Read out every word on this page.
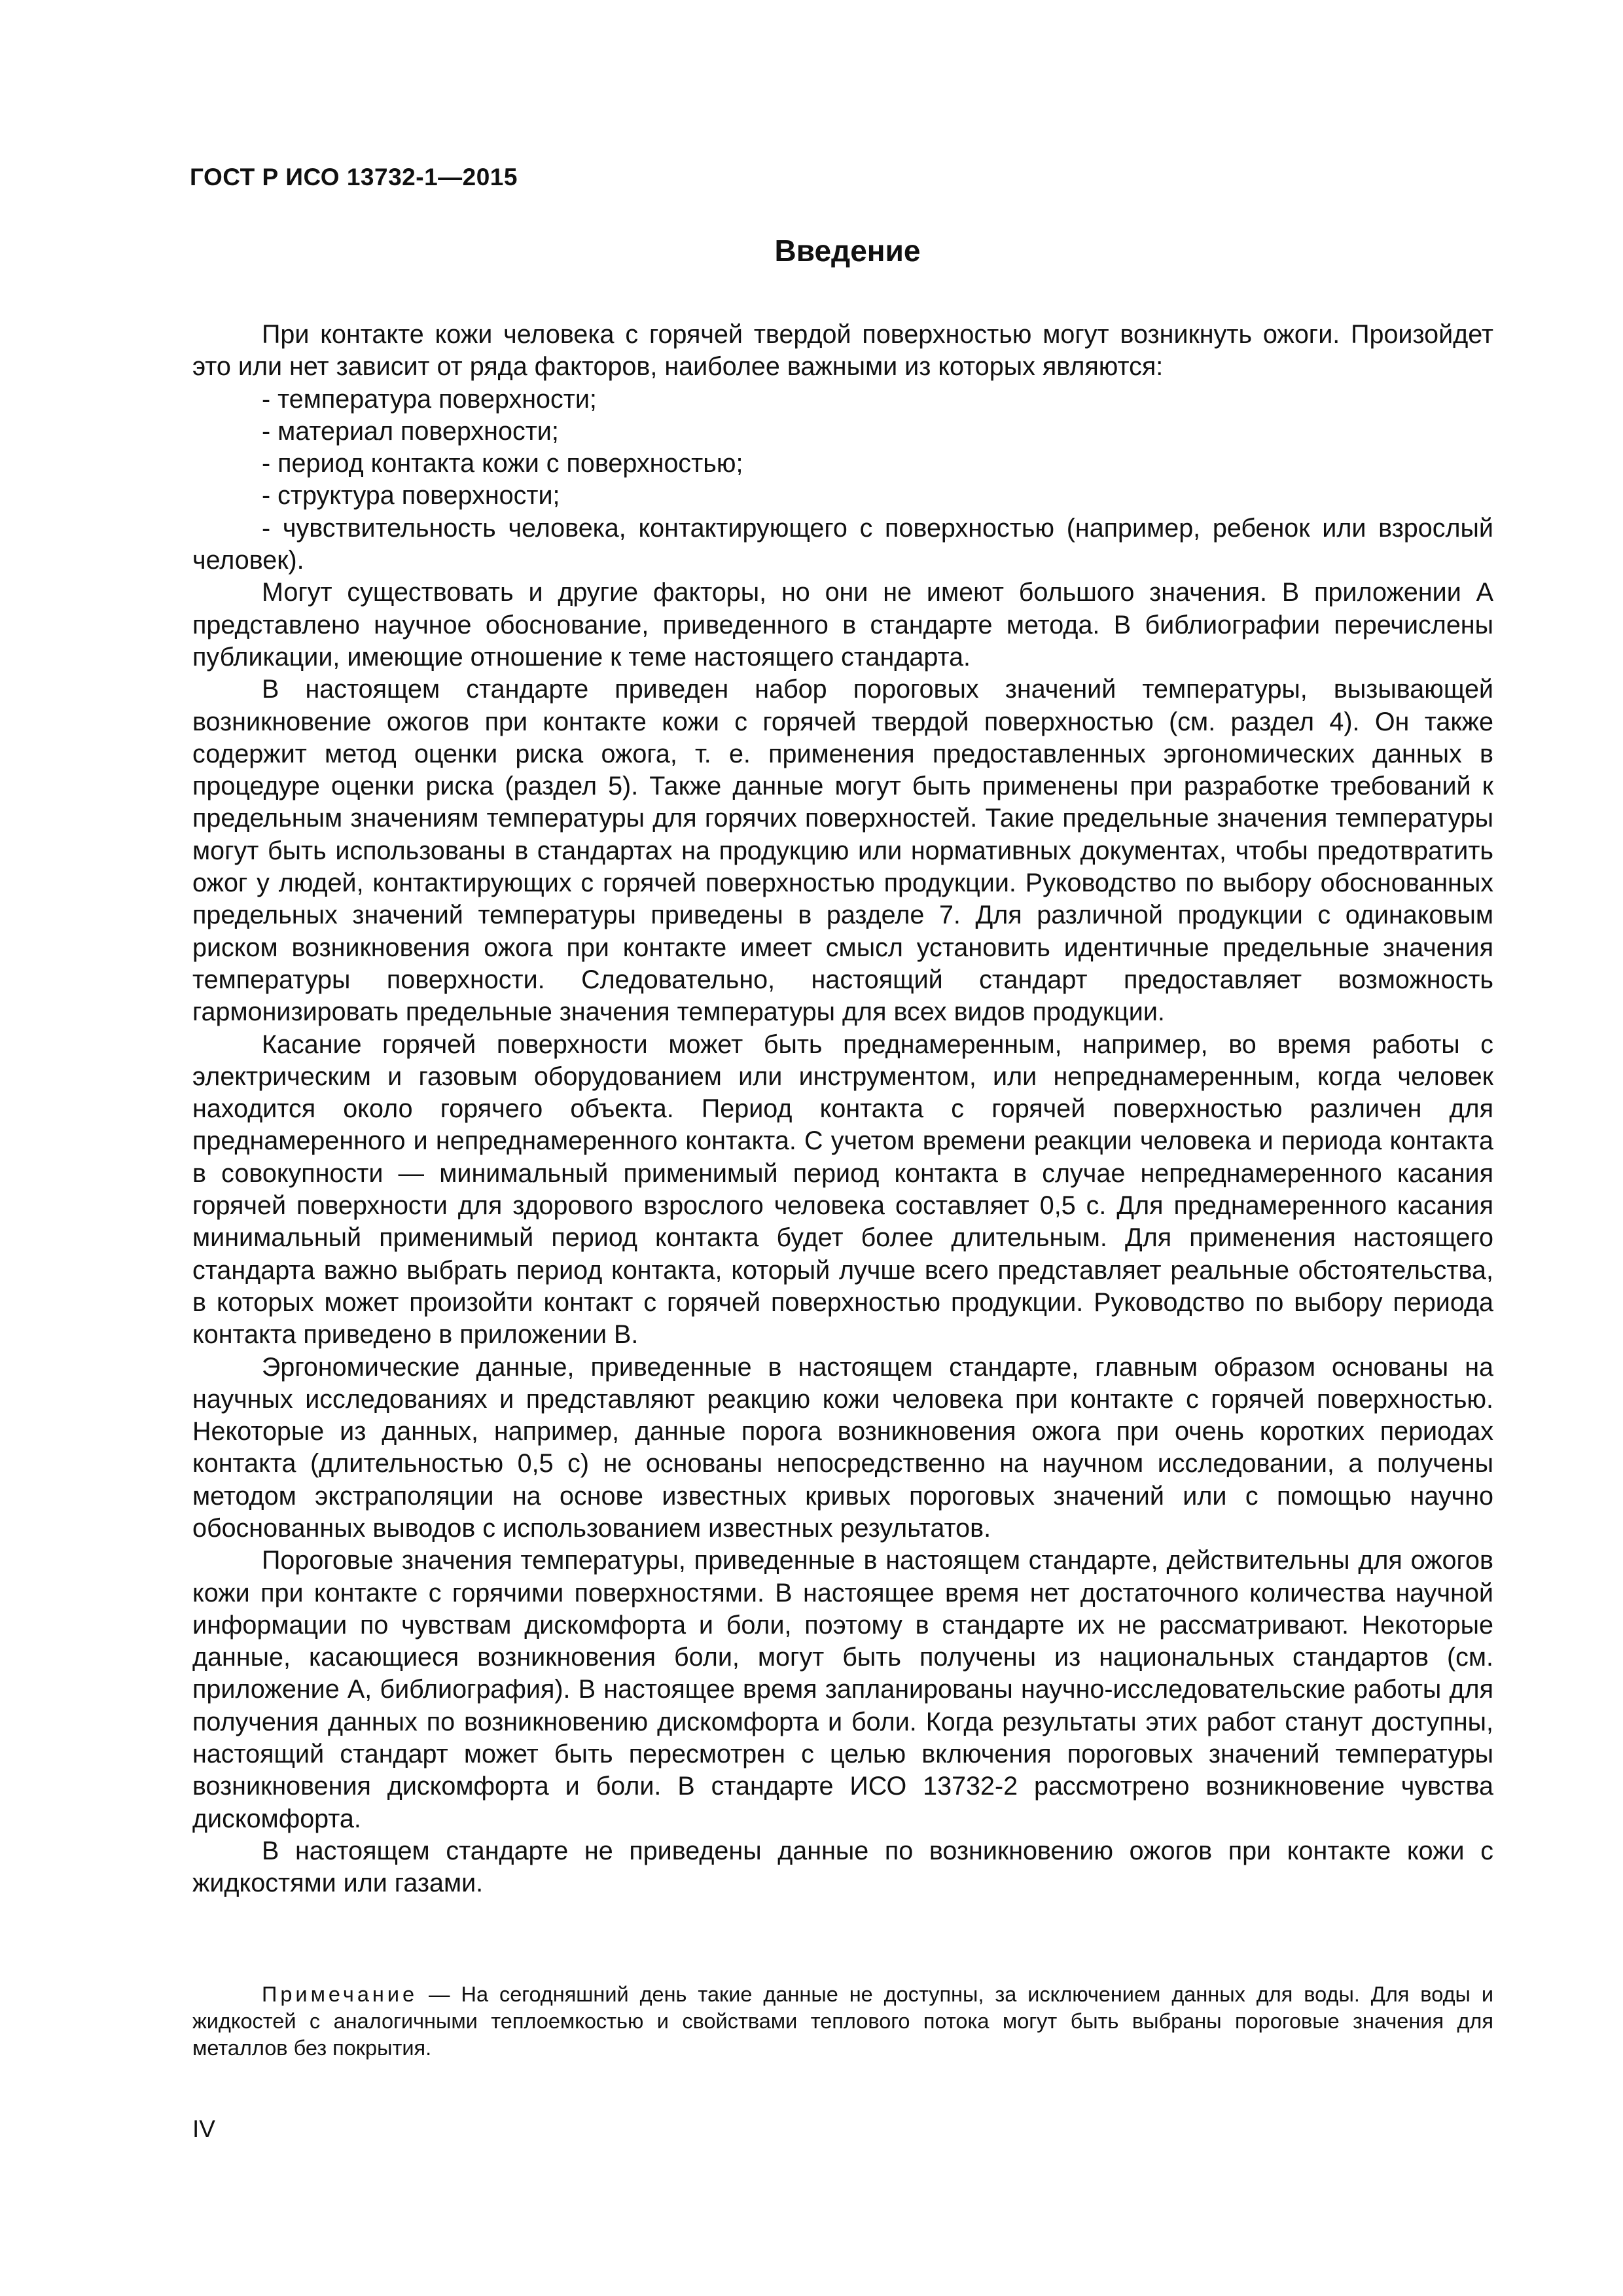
ГОСТ Р ИСО 13732-1—2015
Введение

При контакте кожи человека с горячей твердой поверхностью могут возникнуть ожоги. Произойдет это или нет зависит от ряда факторов, наиболее важными из которых являются:

- температура поверхности;
- материал поверхности;
- период контакта кожи с поверхностью;
- структура поверхности;
- чувствительность человека, контактирующего с поверхностью (например, ребенок или взрослый человек).

Могут существовать и другие факторы, но они не имеют большого значения. В приложении А представлено научное обоснование, приведенного в стандарте метода. В библиографии перечислены публикации, имеющие отношение к теме настоящего стандарта.

В настоящем стандарте приведен набор пороговых значений температуры, вызывающей возникновение ожогов при контакте кожи с горячей твердой поверхностью (см. раздел 4). Он также содержит метод оценки риска ожога, т. е. применения предоставленных эргономических данных в процедуре оценки риска (раздел 5). Также данные могут быть применены при разработке требований к предельным значениям температуры для горячих поверхностей. Такие предельные значения температуры могут быть использованы в стандартах на продукцию или нормативных документах, чтобы предотвратить ожог у людей, контактирующих с горячей поверхностью продукции. Руководство по выбору обоснованных предельных значений температуры приведены в разделе 7. Для различной продукции с одинаковым риском возникновения ожога при контакте имеет смысл установить идентичные предельные значения температуры поверхности. Следовательно, настоящий стандарт предоставляет возможность гармонизировать предельные значения температуры для всех видов продукции.

Касание горячей поверхности может быть преднамеренным, например, во время работы с электрическим и газовым оборудованием или инструментом, или непреднамеренным, когда человек находится около горячего объекта. Период контакта с горячей поверхностью различен для преднамеренного и непреднамеренного контакта. С учетом времени реакции человека и периода контакта в совокупности — минимальный применимый период контакта в случае непреднамеренного касания горячей поверхности для здорового взрослого человека составляет 0,5 с. Для преднамеренного касания минимальный применимый период контакта будет более длительным. Для применения настоящего стандарта важно выбрать период контакта, который лучше всего представляет реальные обстоятельства, в которых может произойти контакт с горячей поверхностью продукции. Руководство по выбору периода контакта приведено в приложении В.

Эргономические данные, приведенные в настоящем стандарте, главным образом основаны на научных исследованиях и представляют реакцию кожи человека при контакте с горячей поверхностью. Некоторые из данных, например, данные порога возникновения ожога при очень коротких периодах контакта (длительностью 0,5 с) не основаны непосредственно на научном исследовании, а получены методом экстраполяции на основе известных кривых пороговых значений или с помощью научно обоснованных выводов с использованием известных результатов.

Пороговые значения температуры, приведенные в настоящем стандарте, действительны для ожогов кожи при контакте с горячими поверхностями. В настоящее время нет достаточного количества научной информации по чувствам дискомфорта и боли, поэтому в стандарте их не рассматривают. Некоторые данные, касающиеся возникновения боли, могут быть получены из национальных стандартов (см. приложение А, библиография). В настоящее время запланированы научно-исследовательские работы для получения данных по возникновению дискомфорта и боли. Когда результаты этих работ станут доступны, настоящий стандарт может быть пересмотрен с целью включения пороговых значений температуры возникновения дискомфорта и боли. В стандарте ИСО 13732-2 рассмотрено возникновение чувства дискомфорта.

В настоящем стандарте не приведены данные по возникновению ожогов при контакте кожи с жидкостями или газами.

Примечание — На сегодняшний день такие данные не доступны, за исключением данных для воды. Для воды и жидкостей с аналогичными теплоемкостью и свойствами теплового потока могут быть выбраны пороговые значения для металлов без покрытия.

IV
